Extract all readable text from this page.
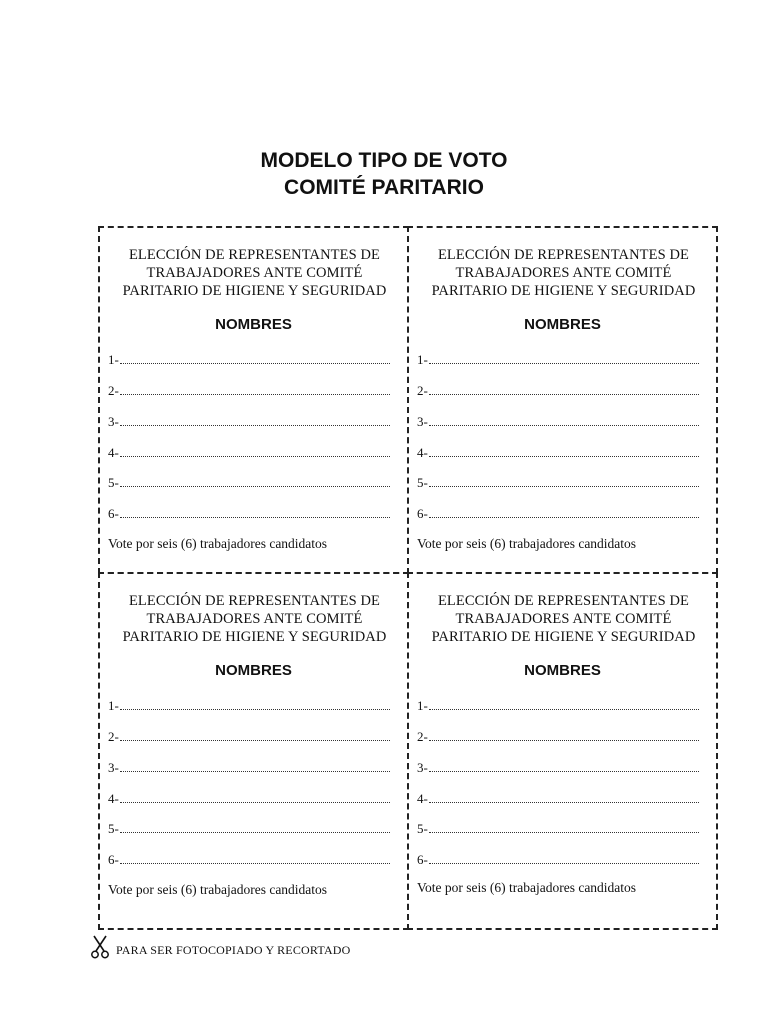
MODELO TIPO DE VOTO
COMITÉ PARITARIO
ELECCIÓN DE REPRESENTANTES DE
TRABAJADORES ANTE COMITÉ
PARITARIO DE HIGIENE Y SEGURIDAD
NOMBRES
1-
2-
3-
4-
5-
6-
Vote por seis (6) trabajadores candidatos
ELECCIÓN DE REPRESENTANTES DE
TRABAJADORES ANTE COMITÉ
PARITARIO DE HIGIENE Y SEGURIDAD
NOMBRES
1-
2-
3-
4-
5-
6-
Vote por seis (6) trabajadores candidatos
ELECCIÓN DE REPRESENTANTES DE
TRABAJADORES ANTE COMITÉ
PARITARIO DE HIGIENE Y SEGURIDAD
NOMBRES
1-
2-
3-
4-
5-
6-
Vote por seis (6) trabajadores candidatos
ELECCIÓN DE REPRESENTANTES DE
TRABAJADORES ANTE COMITÉ
PARITARIO DE HIGIENE Y SEGURIDAD
NOMBRES
1-
2-
3-
4-
5-
6-
Vote por seis (6) trabajadores candidatos
PARA SER FOTOCOPIADO Y RECORTADO
